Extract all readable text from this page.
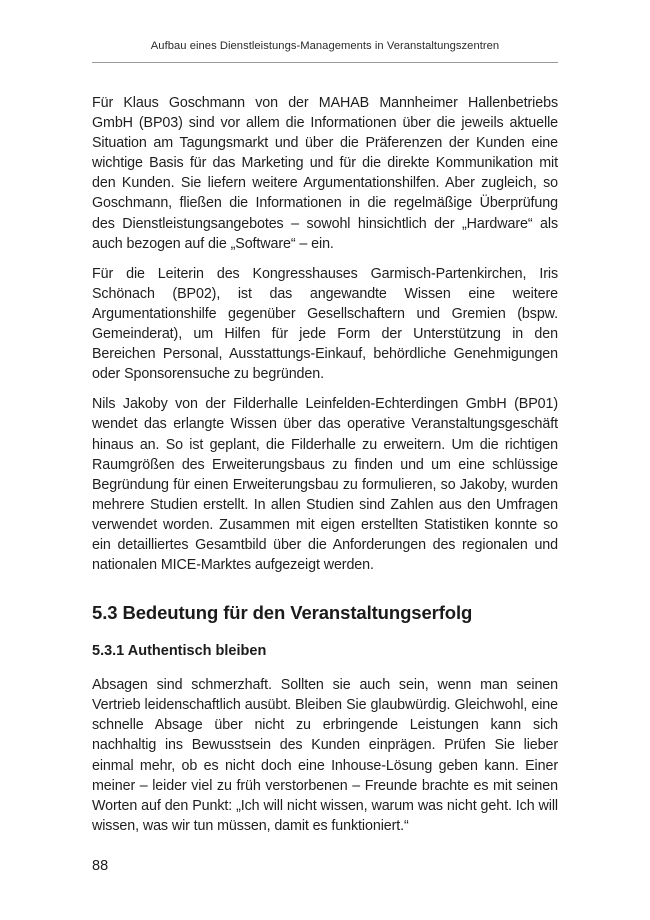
Aufbau eines Dienstleistungs-Managements in Veranstaltungszentren

Für Klaus Goschmann von der MAHAB Mannheimer Hallenbetriebs GmbH (BP03) sind vor allem die Informationen über die jeweils aktuelle Situation am Tagungsmarkt und über die Präferenzen der Kunden eine wichtige Basis für das Marketing und für die direkte Kommunikation mit den Kunden. Sie liefern weitere Argumentationshilfen. Aber zugleich, so Goschmann, fließen die Informationen in die regelmäßige Überprüfung des Dienstleistungsangebotes – sowohl hinsichtlich der „Hardware“ als auch bezogen auf die „Software“ – ein.

Für die Leiterin des Kongresshauses Garmisch-Partenkirchen, Iris Schönach (BP02), ist das angewandte Wissen eine weitere Argumentationshilfe gegenüber Gesellschaftern und Gremien (bspw. Gemeinderat), um Hilfen für jede Form der Unterstützung in den Bereichen Personal, Ausstattungs-Einkauf, behördliche Genehmigungen oder Sponsorensuche zu begründen.

Nils Jakoby von der Filderhalle Leinfelden-Echterdingen GmbH (BP01) wendet das erlangte Wissen über das operative Veranstaltungsgeschäft hinaus an. So ist geplant, die Filderhalle zu erweitern. Um die richtigen Raumgrößen des Erweiterungsbaus zu finden und um eine schlüssige Begründung für einen Erweiterungsbau zu formulieren, so Jakoby, wurden mehrere Studien erstellt. In allen Studien sind Zahlen aus den Umfragen verwendet worden. Zusammen mit eigen erstellten Statistiken konnte so ein detailliertes Gesamtbild über die Anforderungen des regionalen und nationalen MICE-Marktes aufgezeigt werden.

5.3 Bedeutung für den Veranstaltungserfolg
5.3.1 Authentisch bleiben

Absagen sind schmerzhaft. Sollten sie auch sein, wenn man seinen Vertrieb leidenschaftlich ausübt. Bleiben Sie glaubwürdig. Gleichwohl, eine schnelle Absage über nicht zu erbringende Leistungen kann sich nachhaltig ins Bewusstsein des Kunden einprägen. Prüfen Sie lieber einmal mehr, ob es nicht doch eine Inhouse-Lösung geben kann. Einer meiner – leider viel zu früh verstorbenen – Freunde brachte es mit seinen Worten auf den Punkt: „Ich will nicht wissen, warum was nicht geht. Ich will wissen, was wir tun müssen, damit es funktioniert.“

88
